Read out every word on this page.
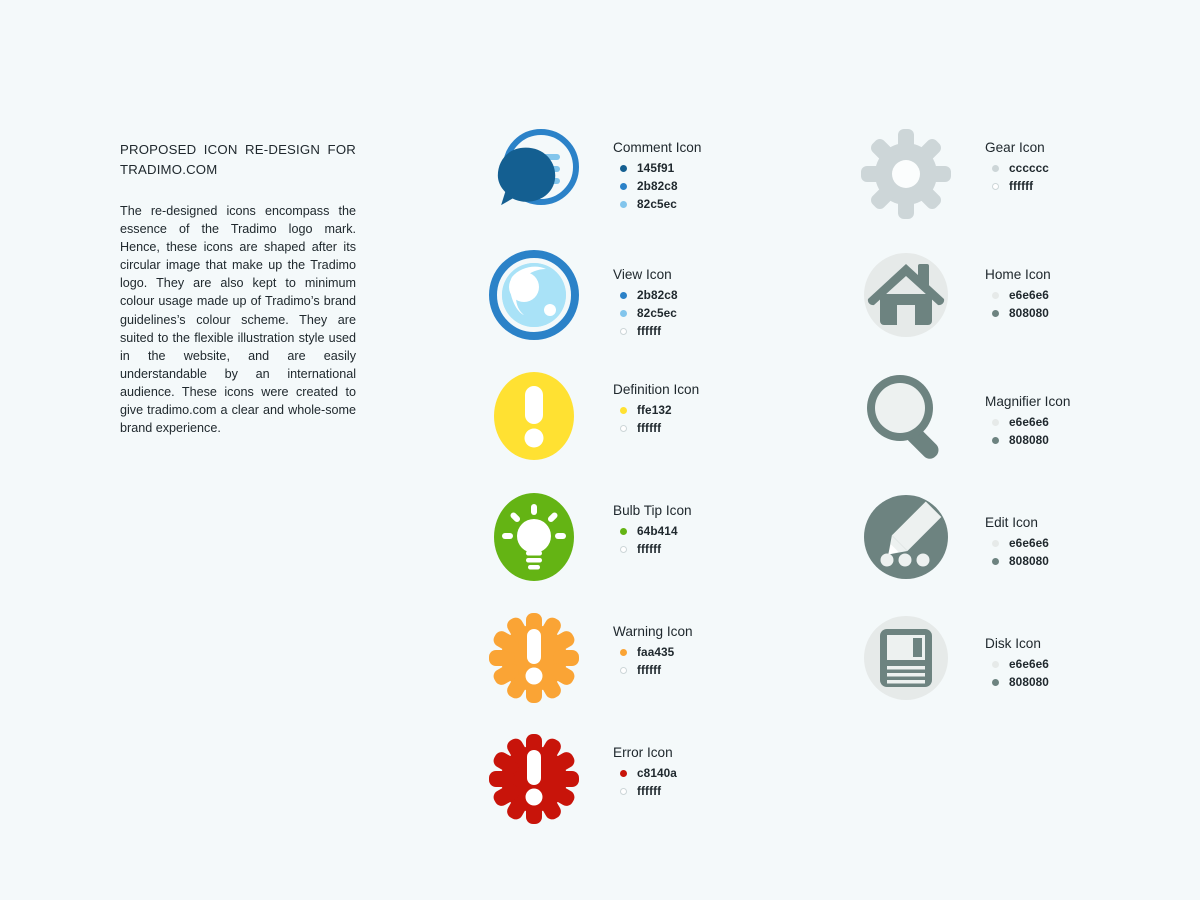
PROPOSED ICON RE-DESIGN FOR TRADIMO.COM

The re-designed icons encompass the essence of the Tradimo logo mark. Hence, these icons are shaped after its circular image that make up the Tradimo logo. They are also kept to minimum colour usage made up of Tradimo’s brand guidelines’s colour scheme. They are suited to the flexible illustration style used in the website, and are easily understandable by an international audience. These icons were created to give tradimo.com a clear and whole-some brand experience.

Comment Icon
145f91
2b82c8
82c5ec
View Icon
2b82c8
82c5ec
ffffff
Definition Icon
ffe132
ffffff
Bulb Tip Icon
64b414
ffffff
Warning Icon
faa435
ffffff
Error Icon
c8140a
ffffff
Gear Icon
cccccc
ffffff
Home Icon
e6e6e6
808080
Magnifier Icon
e6e6e6
808080
Edit Icon
e6e6e6
808080
Disk Icon
e6e6e6
808080
